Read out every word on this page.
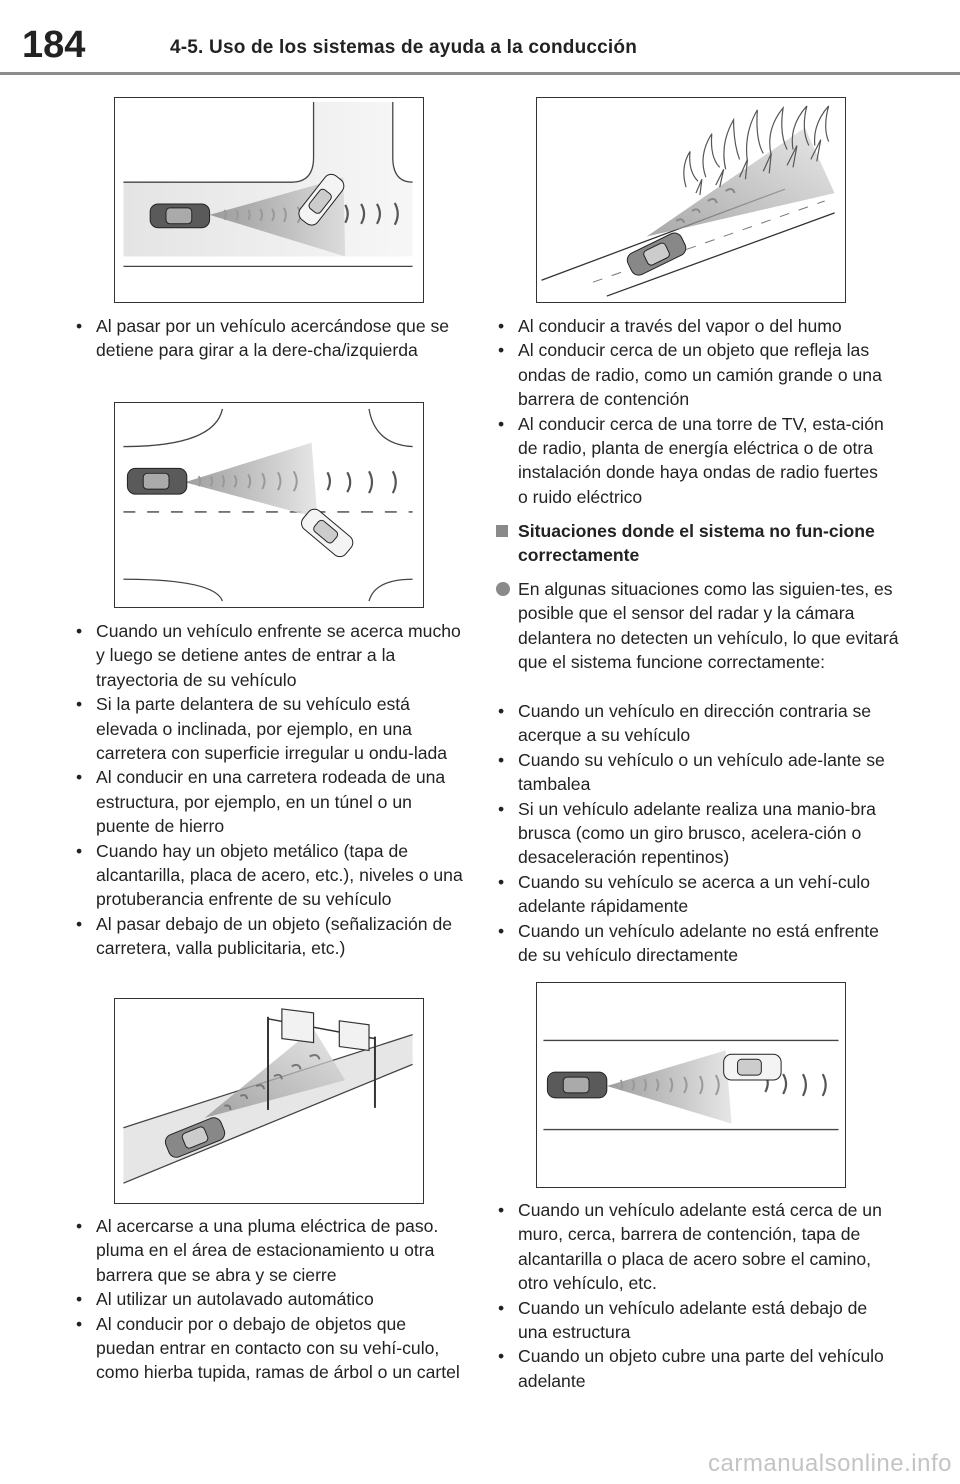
184	4-5. Uso de los sistemas de ayuda a la conducción
• Al pasar por un vehículo acercándose que se detiene para girar a la dere-cha/izquierda
• Cuando un vehículo enfrente se acerca mucho y luego se detiene antes de entrar a la trayectoria de su vehículo
• Si la parte delantera de su vehículo está elevada o inclinada, por ejemplo, en una carretera con superficie irregular u ondu-lada
• Al conducir en una carretera rodeada de una estructura, por ejemplo, en un túnel o un puente de hierro
• Cuando hay un objeto metálico (tapa de alcantarilla, placa de acero, etc.), niveles o una protuberancia enfrente de su vehículo
• Al pasar debajo de un objeto (señalización de carretera, valla publicitaria, etc.)
• Al acercarse a una pluma eléctrica de paso. pluma en el área de estacionamiento u otra barrera que se abra y se cierre
• Al utilizar un autolavado automático
• Al conducir por o debajo de objetos que puedan entrar en contacto con su vehí-culo, como hierba tupida, ramas de árbol o un cartel
• Al conducir a través del vapor o del humo
• Al conducir cerca de un objeto que refleja las ondas de radio, como un camión grande o una barrera de contención
• Al conducir cerca de una torre de TV, esta-ción de radio, planta de energía eléctrica o de otra instalación donde haya ondas de radio fuertes o ruido eléctrico
Situaciones donde el sistema no fun-cione correctamente
En algunas situaciones como las siguien-tes, es posible que el sensor del radar y la cámara delantera no detecten un vehículo, lo que evitará que el sistema funcione correctamente:
• Cuando un vehículo en dirección contraria se acerque a su vehículo
• Cuando su vehículo o un vehículo ade-lante se tambalea
• Si un vehículo adelante realiza una manio-bra brusca (como un giro brusco, acelera-ción o desaceleración repentinos)
• Cuando su vehículo se acerca a un vehí-culo adelante rápidamente
• Cuando un vehículo adelante no está enfrente de su vehículo directamente
• Cuando un vehículo adelante está cerca de un muro, cerca, barrera de contención, tapa de alcantarilla o placa de acero sobre el camino, otro vehículo, etc.
• Cuando un vehículo adelante está debajo de una estructura
• Cuando un objeto cubre una parte del vehículo adelante
carmanualsonline.info
